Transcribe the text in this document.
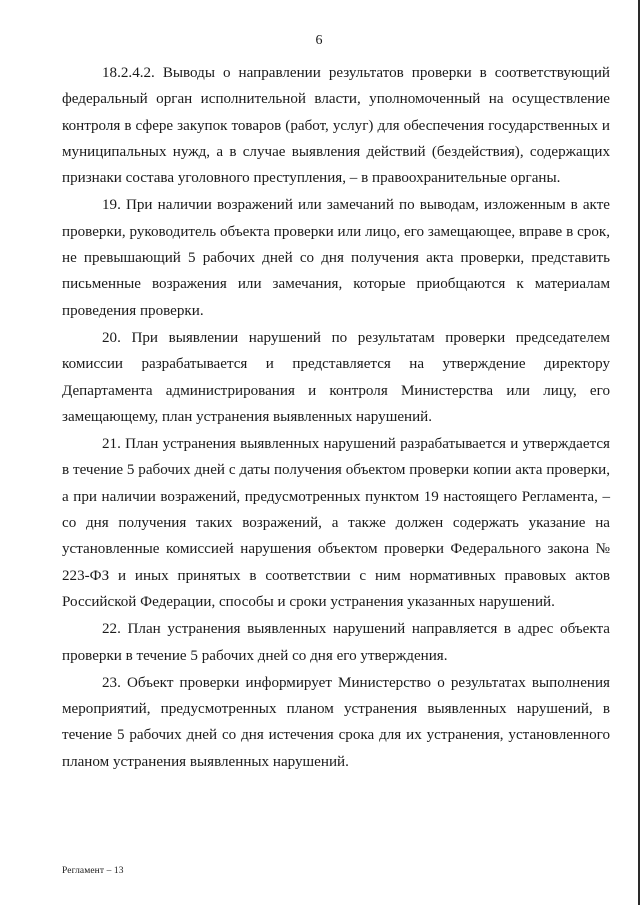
6

18.2.4.2. Выводы о направлении результатов проверки в соответствующий федеральный орган исполнительной власти, уполномоченный на осуществление контроля в сфере закупок товаров (работ, услуг) для обеспечения государственных и муниципальных нужд, а в случае выявления действий (бездействия), содержащих признаки состава уголовного преступления, – в правоохранительные органы.

19. При наличии возражений или замечаний по выводам, изложенным в акте проверки, руководитель объекта проверки или лицо, его замещающее, вправе в срок, не превышающий 5 рабочих дней со дня получения акта проверки, представить письменные возражения или замечания, которые приобщаются к материалам проведения проверки.

20. При выявлении нарушений по результатам проверки председателем комиссии разрабатывается и представляется на утверждение директору Департамента администрирования и контроля Министерства или лицу, его замещающему, план устранения выявленных нарушений.

21. План устранения выявленных нарушений разрабатывается и утверждается в течение 5 рабочих дней с даты получения объектом проверки копии акта проверки, а при наличии возражений, предусмотренных пунктом 19 настоящего Регламента, – со дня получения таких возражений, а также должен содержать указание на установленные комиссией нарушения объектом проверки Федерального закона № 223-ФЗ и иных принятых в соответствии с ним нормативных правовых актов Российской Федерации, способы и сроки устранения указанных нарушений.

22. План устранения выявленных нарушений направляется в адрес объекта проверки в течение 5 рабочих дней со дня его утверждения.

23. Объект проверки информирует Министерство о результатах выполнения мероприятий, предусмотренных планом устранения выявленных нарушений, в течение 5 рабочих дней со дня истечения срока для их устранения, установленного планом устранения выявленных нарушений.

Регламент – 13
